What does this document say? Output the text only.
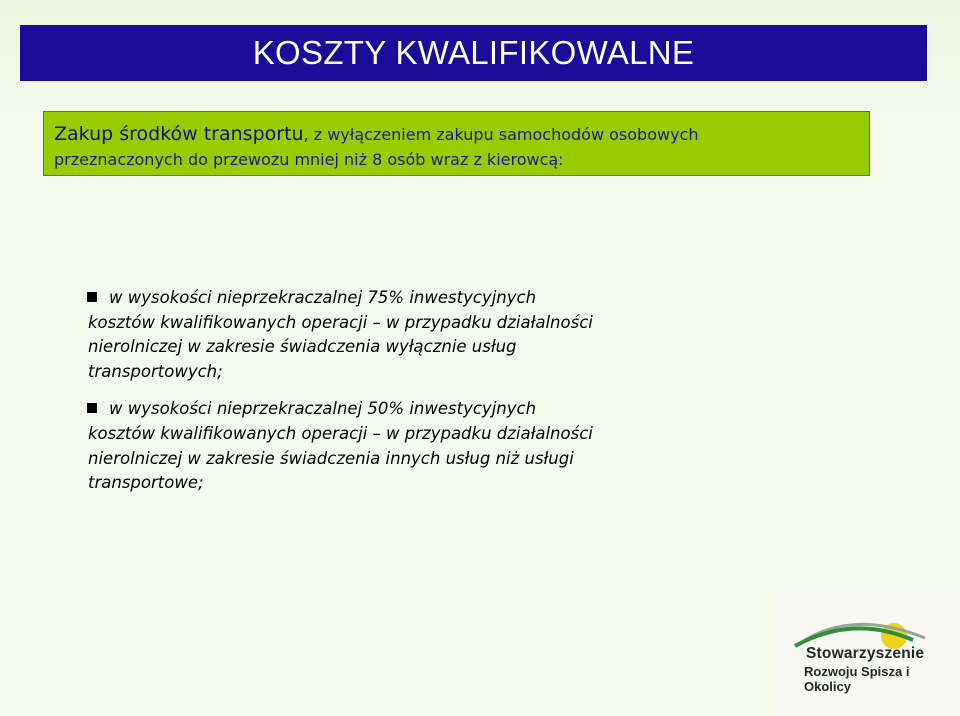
KOSZTY KWALIFIKOWALNE
Zakup środków transportu, z wyłączeniem zakupu samochodów osobowych
przeznaczonych do przewozu mniej niż 8 osób wraz z kierowcą:
w wysokości nieprzekraczalnej 75% inwestycyjnych
kosztów kwalifikowanych operacji – w przypadku działalności
nierolniczej w zakresie świadczenia wyłącznie usług
transportowych;
w wysokości nieprzekraczalnej 50% inwestycyjnych
kosztów kwalifikowanych operacji – w przypadku działalności
nierolniczej w zakresie świadczenia innych usług niż usługi
transportowe;
Stowarzyszenie
Rozwoju Spisza i Okolicy
